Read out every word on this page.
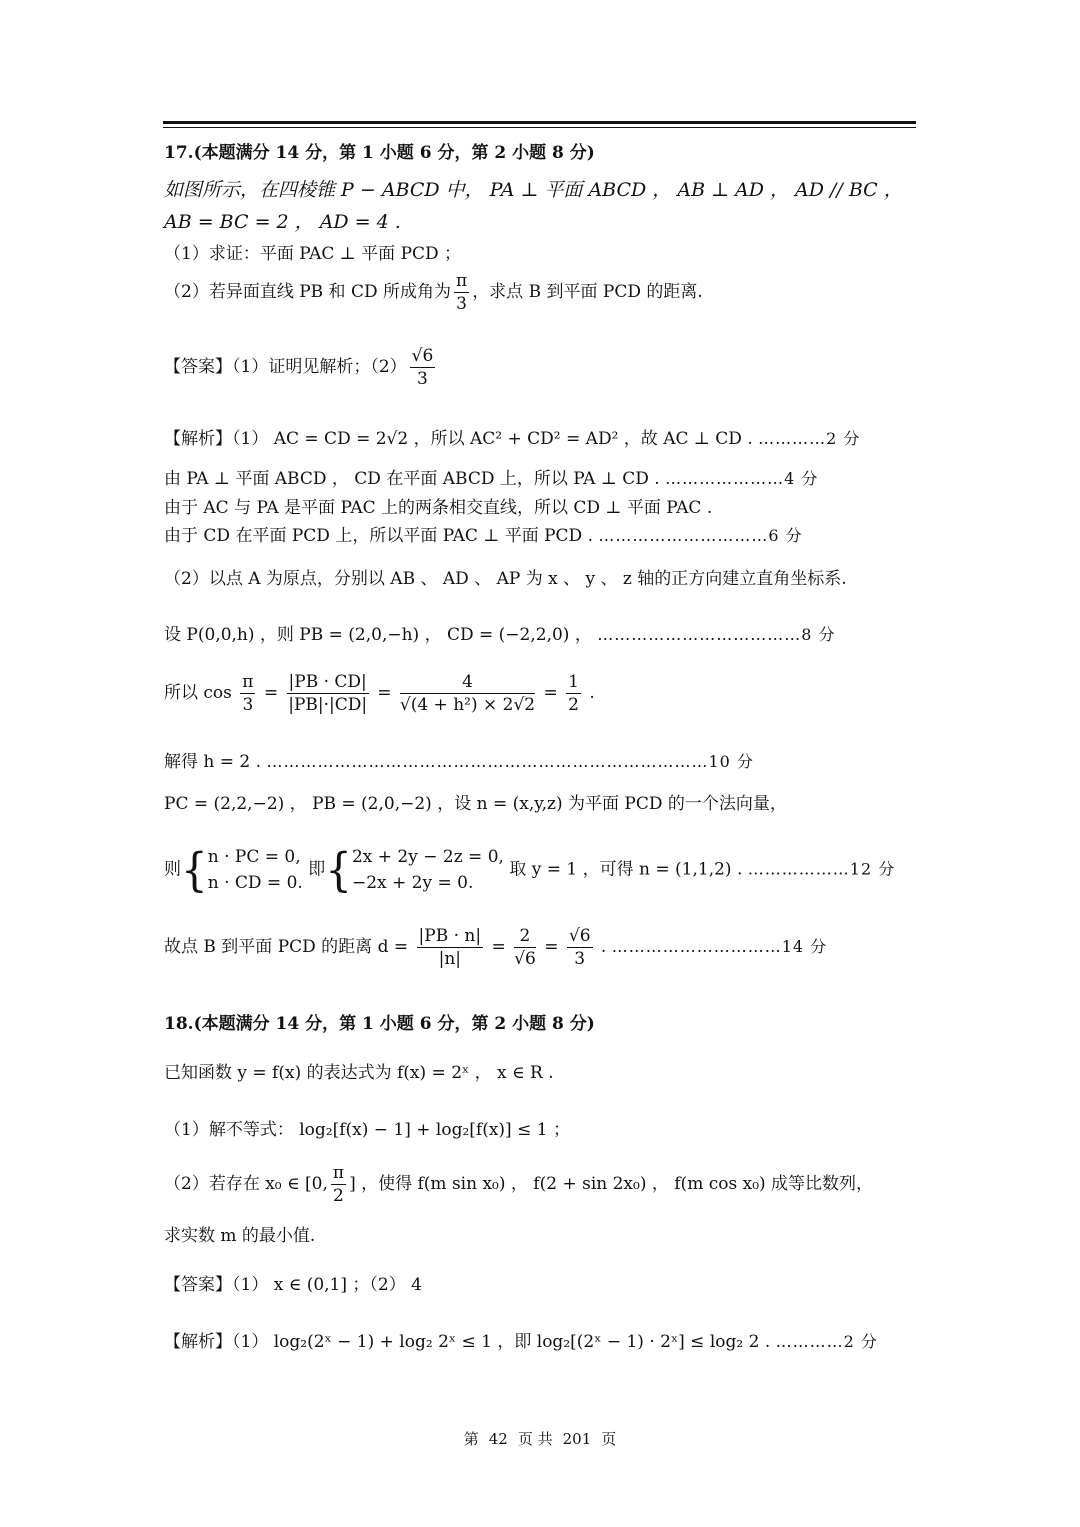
17.(本题满分 14 分，第 1 小题 6 分，第 2 小题 8 分)
如图所示，在四棱锥 P − ABCD 中， PA ⊥ 平面 ABCD ， AB ⊥ AD ， AD // BC ，
AB = BC = 2 ， AD = 4 .
（1）求证：平面 PAC ⊥ 平面 PCD ；
（2）若异面直线 PB 和 CD 所成角为 $\frac{\pi}{3}$ ，求点 B 到平面 PCD 的距离.
【答案】（1）证明见解析；$(2) \frac{√6}{3}$
【解析】（1） AC = CD = 2√2 ，所以 AC² + CD² = AD² ，故 AC ⊥ CD . …………2 分
由 PA ⊥ 平面 ABCD ， CD 在平面 ABCD 上，所以 PA ⊥ CD . …………………4 分
由于 AC 与 PA 是平面 PAC 上的两条相交直线，所以 CD ⊥ 平面 PAC .
由于 CD 在平面 PCD 上，所以平面 PAC ⊥ 平面 PCD . …………………………6 分
（2）以点 A 为原点，分别以 AB 、 AD 、 AP 为 x 、 y 、 z 轴的正方向建立直角坐标系.
设 P(0,0,h) ，则 PB = (2,0,−h) ， CD = (−2,2,0) ， ………………………………8 分
所以 $\cos \frac{\pi}{3} = \frac{|PB \cdot CD|}{|PB|\cdot|CD|} = \frac{4}{\text{√(4 + h²) × 2√2}} = \frac{1}{2}$ .
解得 h = 2 . ……………………………………………………………………10 分
PC = (2,2,−2) ， PB = (2,0,−2) ，设 n = (x,y,z) 为平面 PCD 的一个法向量，
则{ n · PC = 0,
n · CD = 0.
即{ 2x + 2y − 2z = 0,
−2x + 2y = 0.
取 y = 1 ，可得 n = (1,1,2) . ………………12 分
故点 B 到平面 PCD 的距离 $d = \frac{|PB \cdot n|}{|n|} = \frac{2}{√6} = \frac{√6}{3}$ . …………………………14 分
18.(本题满分 14 分，第 1 小题 6 分，第 2 小题 8 分)
已知函数 y = f(x) 的表达式为 f(x) = 2ˣ ， x ∈ R .
（1）解不等式： log₂[f(x) − 1] + log₂[f(x)] ≤ 1 ；
（2）若存在 x₀ ∈ [0, $\frac{\pi}{2}$ ] ，使得 f(m sin x₀) ， f(2 + sin 2x₀) ， f(m cos x₀) 成等比数列，
求实数 m 的最小值.
【答案】（1） x ∈ (0,1] ；（2） 4
【解析】（1） log₂(2ˣ − 1) + log₂ 2ˣ ≤ 1 ，即 log₂[(2ˣ − 1) · 2ˣ] ≤ log₂ 2 . …………2 分
第 42 页 共 201 页
